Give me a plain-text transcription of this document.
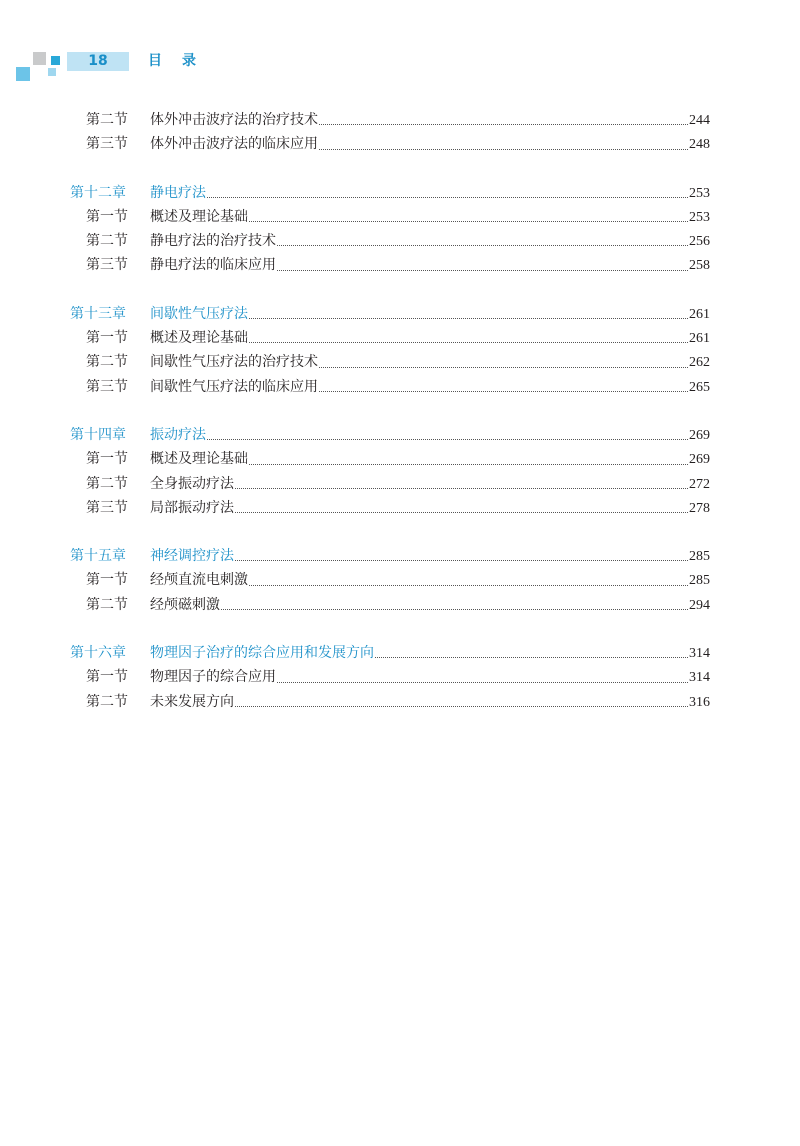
18	目录
第二节	体外冲击波疗法的治疗技术	244
第三节	体外冲击波疗法的临床应用	248
第十二章	静电疗法	253
第一节	概述及理论基础	253
第二节	静电疗法的治疗技术	256
第三节	静电疗法的临床应用	258
第十三章	间歇性气压疗法	261
第一节	概述及理论基础	261
第二节	间歇性气压疗法的治疗技术	262
第三节	间歇性气压疗法的临床应用	265
第十四章	振动疗法	269
第一节	概述及理论基础	269
第二节	全身振动疗法	272
第三节	局部振动疗法	278
第十五章	神经调控疗法	285
第一节	经颅直流电刺激	285
第二节	经颅磁刺激	294
第十六章	物理因子治疗的综合应用和发展方向	314
第一节	物理因子的综合应用	314
第二节	未来发展方向	316
